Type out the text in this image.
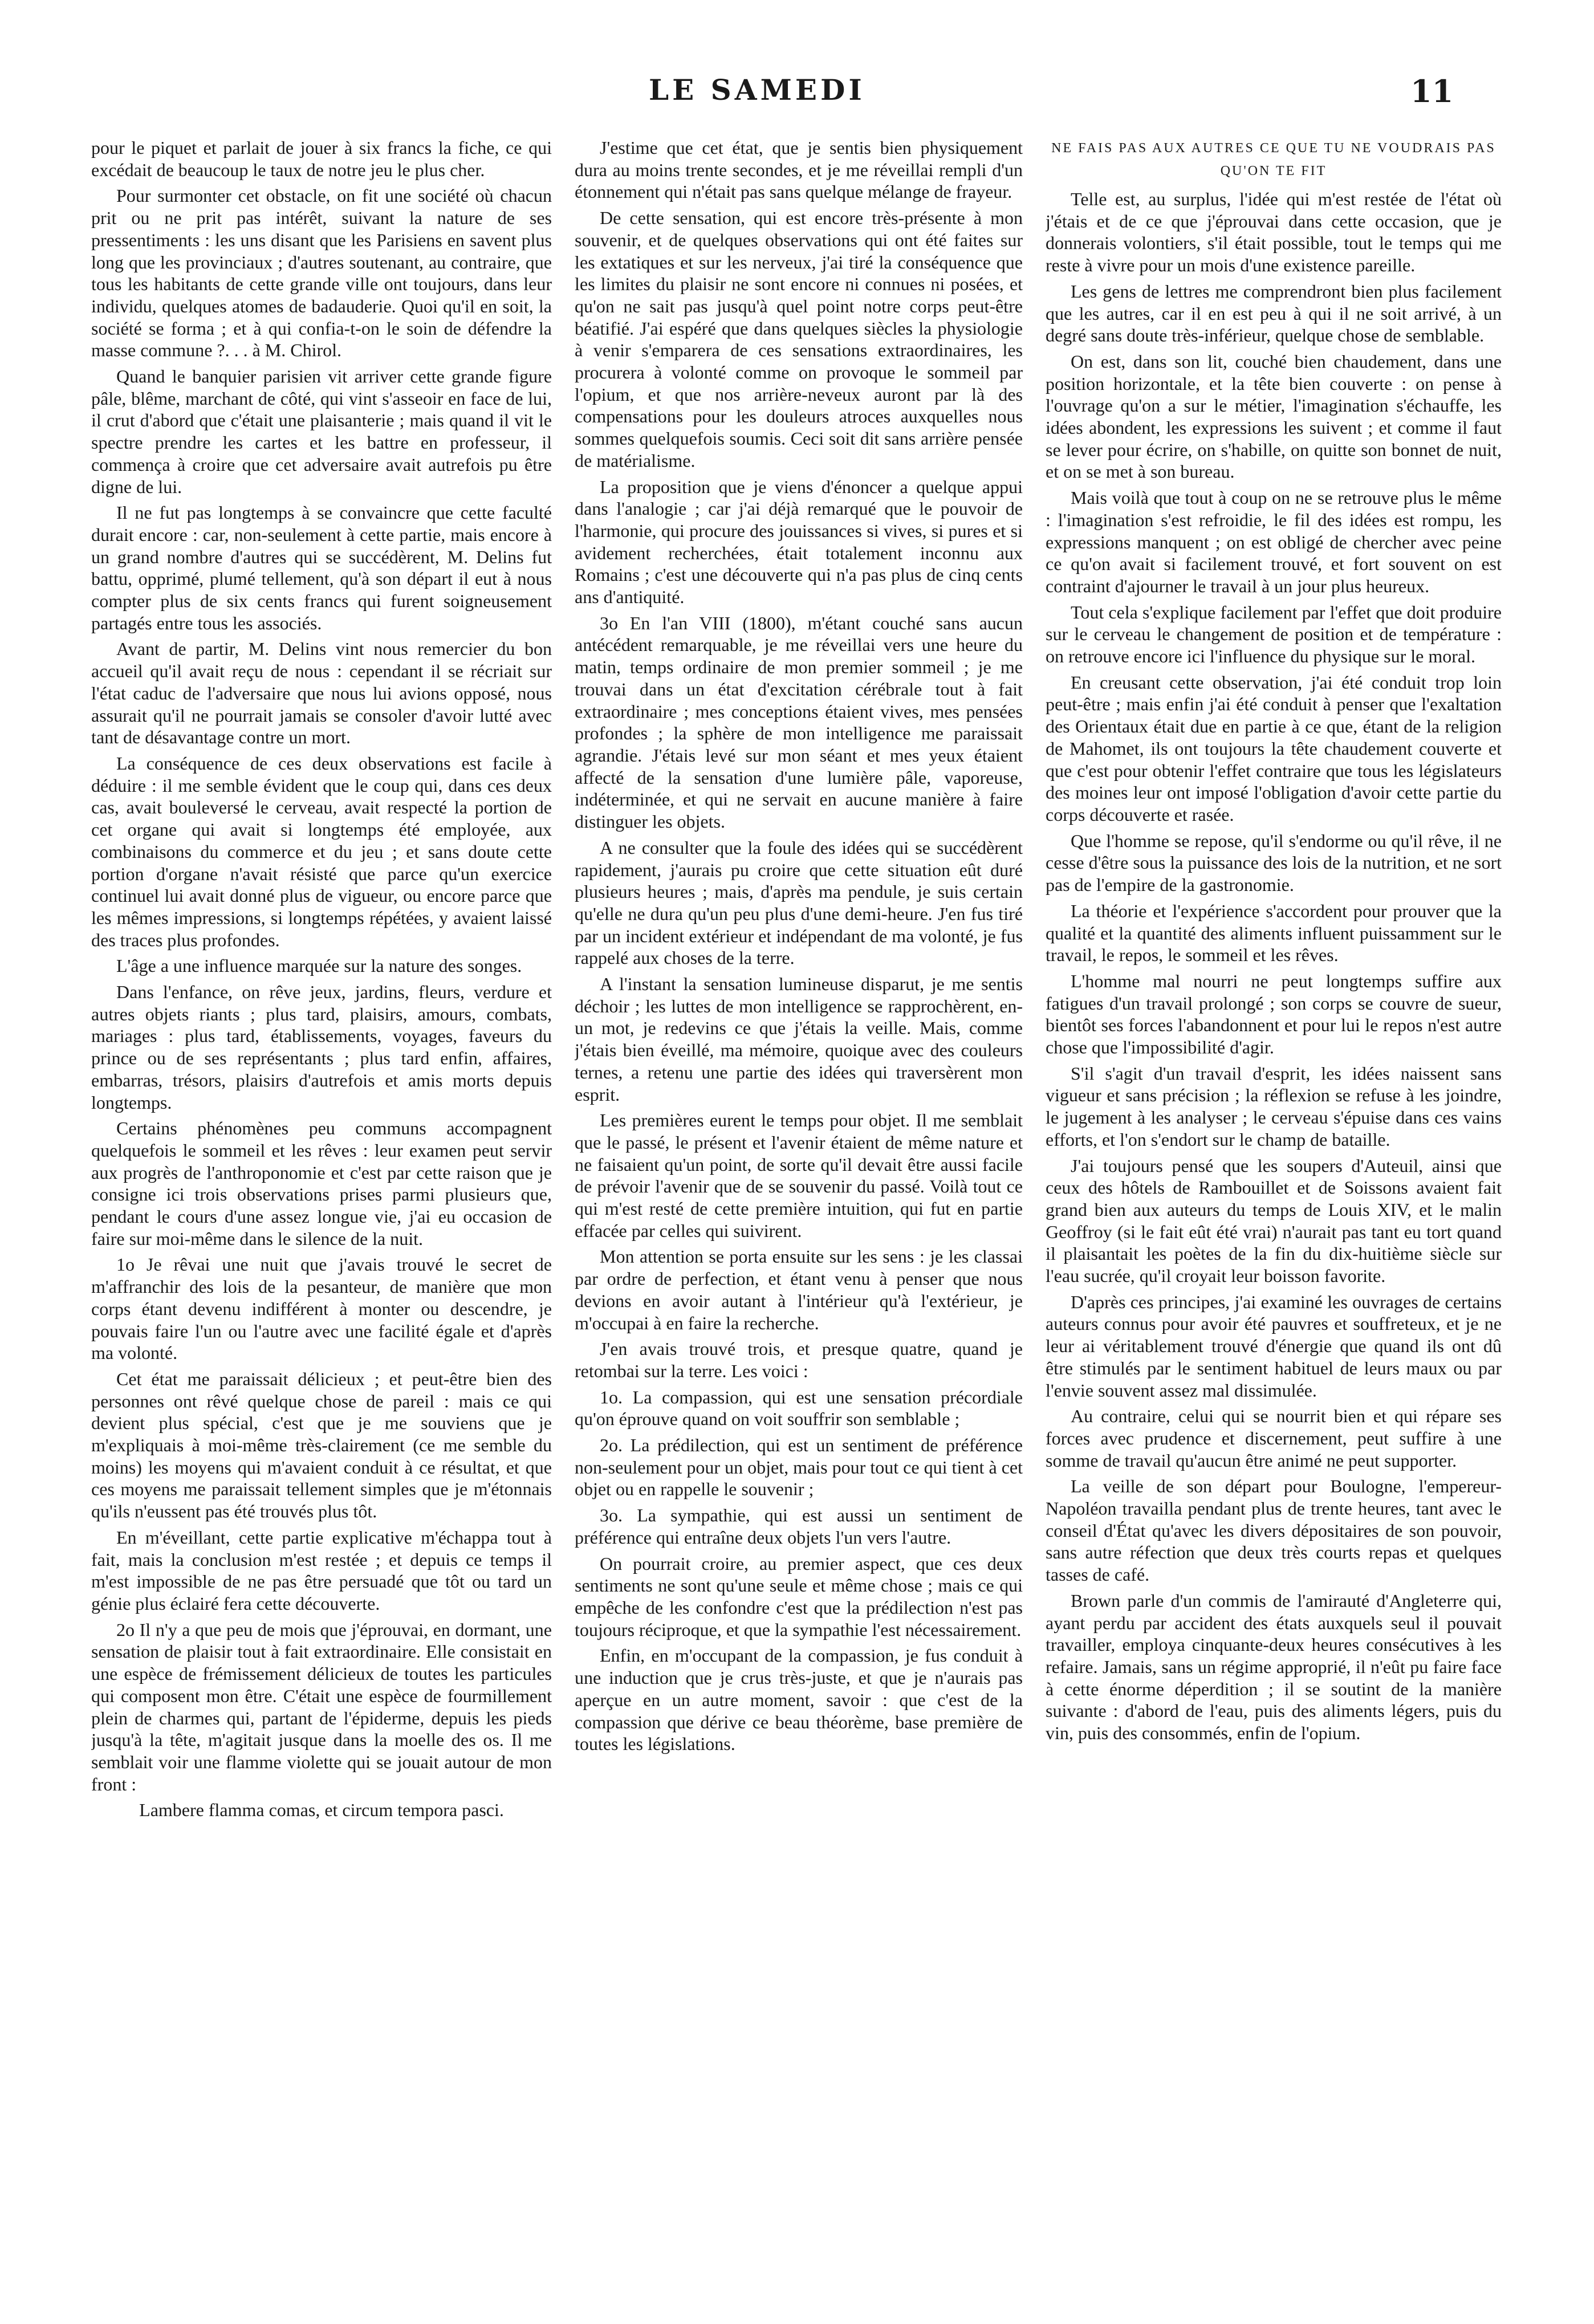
LE SAMEDI	11

pour le piquet et parlait de jouer à six francs la fiche, ce qui excédait de beaucoup le taux de notre jeu le plus cher.

Pour surmonter cet obstacle, on fit une société où chacun prit ou ne prit pas intérêt, suivant la nature de ses pressentiments : les uns disant que les Parisiens en savent plus long que les provinciaux ; d'autres soutenant, au contraire, que tous les habitants de cette grande ville ont toujours, dans leur individu, quelques atomes de badauderie. Quoi qu'il en soit, la société se forma ; et à qui confia-t-on le soin de défendre la masse commune ?. . . à M. Chirol.

Quand le banquier parisien vit arriver cette grande figure pâle, blême, marchant de côté, qui vint s'asseoir en face de lui, il crut d'abord que c'était une plaisanterie ; mais quand il vit le spectre prendre les cartes et les battre en professeur, il commença à croire que cet adversaire avait autrefois pu être digne de lui.

Il ne fut pas longtemps à se convaincre que cette faculté durait encore : car, non-seulement à cette partie, mais encore à un grand nombre d'autres qui se succédèrent, M. Delins fut battu, opprimé, plumé tellement, qu'à son départ il eut à nous compter plus de six cents francs qui furent soigneusement partagés entre tous les associés.

Avant de partir, M. Delins vint nous remercier du bon accueil qu'il avait reçu de nous : cependant il se récriait sur l'état caduc de l'adversaire que nous lui avions opposé, nous assurait qu'il ne pourrait jamais se consoler d'avoir lutté avec tant de désavantage contre un mort.

La conséquence de ces deux observations est facile à déduire : il me semble évident que le coup qui, dans ces deux cas, avait bouleversé le cerveau, avait respecté la portion de cet organe qui avait si longtemps été employée, aux combinaisons du commerce et du jeu ; et sans doute cette portion d'organe n'avait résisté que parce qu'un exercice continuel lui avait donné plus de vigueur, ou encore parce que les mêmes impressions, si longtemps répétées, y avaient laissé des traces plus profondes.

L'âge a une influence marquée sur la nature des songes.

Dans l'enfance, on rêve jeux, jardins, fleurs, verdure et autres objets riants ; plus tard, plaisirs, amours, combats, mariages : plus tard, établissements, voyages, faveurs du prince ou de ses représentants ; plus tard enfin, affaires, embarras, trésors, plaisirs d'autrefois et amis morts depuis longtemps.

Certains phénomènes peu communs accompagnent quelquefois le sommeil et les rêves : leur examen peut servir aux progrès de l'anthroponomie et c'est par cette raison que je consigne ici trois observations prises parmi plusieurs que, pendant le cours d'une assez longue vie, j'ai eu occasion de faire sur moi-même dans le silence de la nuit.

1o Je rêvai une nuit que j'avais trouvé le secret de m'affranchir des lois de la pesanteur, de manière que mon corps étant devenu indifférent à monter ou descendre, je pouvais faire l'un ou l'autre avec une facilité égale et d'après ma volonté.

Cet état me paraissait délicieux ; et peut-être bien des personnes ont rêvé quelque chose de pareil : mais ce qui devient plus spécial, c'est que je me souviens que je m'expliquais à moi-même très-clairement (ce me semble du moins) les moyens qui m'avaient conduit à ce résultat, et que ces moyens me paraissait tellement simples que je m'étonnais qu'ils n'eussent pas été trouvés plus tôt.

En m'éveillant, cette partie explicative m'échappa tout à fait, mais la conclusion m'est restée ; et depuis ce temps il m'est impossible de ne pas être persuadé que tôt ou tard un génie plus éclairé fera cette découverte.

2o Il n'y a que peu de mois que j'éprouvai, en dormant, une sensation de plaisir tout à fait extraordinaire. Elle consistait en une espèce de frémissement délicieux de toutes les particules qui composent mon être. C'était une espèce de fourmillement plein de charmes qui, partant de l'épiderme, depuis les pieds jusqu'à la tête, m'agitait jusque dans la moelle des os. Il me semblait voir une flamme violette qui se jouait autour de mon front :

Lambere flamma comas, et circum tempora pasci.

J'estime que cet état, que je sentis bien physiquement dura au moins trente secondes, et je me réveillai rempli d'un étonnement qui n'était pas sans quelque mélange de frayeur.

De cette sensation, qui est encore très-présente à mon souvenir, et de quelques observations qui ont été faites sur les extatiques et sur les nerveux, j'ai tiré la conséquence que les limites du plaisir ne sont encore ni connues ni posées, et qu'on ne sait pas jusqu'à quel point notre corps peut-être béatifié. J'ai espéré que dans quelques siècles la physiologie à venir s'emparera de ces sensations extraordinaires, les procurera à volonté comme on provoque le sommeil par l'opium, et que nos arrière-neveux auront par là des compensations pour les douleurs atroces auxquelles nous sommes quelquefois soumis. Ceci soit dit sans arrière pensée de matérialisme.

La proposition que je viens d'énoncer a quelque appui dans l'analogie ; car j'ai déjà remarqué que le pouvoir de l'harmonie, qui procure des jouissances si vives, si pures et si avidement recherchées, était totalement inconnu aux Romains ; c'est une découverte qui n'a pas plus de cinq cents ans d'antiquité.

3o En l'an VIII (1800), m'étant couché sans aucun antécédent remarquable, je me réveillai vers une heure du matin, temps ordinaire de mon premier sommeil ; je me trouvai dans un état d'excitation cérébrale tout à fait extraordinaire ; mes conceptions étaient vives, mes pensées profondes ; la sphère de mon intelligence me paraissait agrandie. J'étais levé sur mon séant et mes yeux étaient affecté de la sensation d'une lumière pâle, vaporeuse, indéterminée, et qui ne servait en aucune manière à faire distinguer les objets.

A ne consulter que la foule des idées qui se succédèrent rapidement, j'aurais pu croire que cette situation eût duré plusieurs heures ; mais, d'après ma pendule, je suis certain qu'elle ne dura qu'un peu plus d'une demi-heure. J'en fus tiré par un incident extérieur et indépendant de ma volonté, je fus rappelé aux choses de la terre.

A l'instant la sensation lumineuse disparut, je me sentis déchoir ; les luttes de mon intelligence se rapprochèrent, en-un mot, je redevins ce que j'étais la veille. Mais, comme j'étais bien éveillé, ma mémoire, quoique avec des couleurs ternes, a retenu une partie des idées qui traversèrent mon esprit.

Les premières eurent le temps pour objet. Il me semblait que le passé, le présent et l'avenir étaient de même nature et ne faisaient qu'un point, de sorte qu'il devait être aussi facile de prévoir l'avenir que de se souvenir du passé. Voilà tout ce qui m'est resté de cette première intuition, qui fut en partie effacée par celles qui suivirent.

Mon attention se porta ensuite sur les sens : je les classai par ordre de perfection, et étant venu à penser que nous devions en avoir autant à l'intérieur qu'à l'extérieur, je m'occupai à en faire la recherche.

J'en avais trouvé trois, et presque quatre, quand je retombai sur la terre. Les voici :

1o. La compassion, qui est une sensation précordiale qu'on éprouve quand on voit souffrir son semblable ;

2o. La prédilection, qui est un sentiment de préférence non-seulement pour un objet, mais pour tout ce qui tient à cet objet ou en rappelle le souvenir ;

3o. La sympathie, qui est aussi un sentiment de préférence qui entraîne deux objets l'un vers l'autre.

On pourrait croire, au premier aspect, que ces deux sentiments ne sont qu'une seule et même chose ; mais ce qui empêche de les confondre c'est que la prédilection n'est pas toujours réciproque, et que la sympathie l'est nécessairement.

Enfin, en m'occupant de la compassion, je fus conduit à une induction que je crus très-juste, et que je n'aurais pas aperçue en un autre moment, savoir : que c'est de la compassion que dérive ce beau théorème, base première de toutes les législations.

NE FAIS PAS AUX AUTRES CE QUE TU NE VOUDRAIS PAS QU'ON TE FIT

Telle est, au surplus, l'idée qui m'est restée de l'état où j'étais et de ce que j'éprouvai dans cette occasion, que je donnerais volontiers, s'il était possible, tout le temps qui me reste à vivre pour un mois d'une existence pareille.

Les gens de lettres me comprendront bien plus facilement que les autres, car il en est peu à qui il ne soit arrivé, à un degré sans doute très-inférieur, quelque chose de semblable.

On est, dans son lit, couché bien chaudement, dans une position horizontale, et la tête bien couverte : on pense à l'ouvrage qu'on a sur le métier, l'imagination s'échauffe, les idées abondent, les expressions les suivent ; et comme il faut se lever pour écrire, on s'habille, on quitte son bonnet de nuit, et on se met à son bureau.

Mais voilà que tout à coup on ne se retrouve plus le même : l'imagination s'est refroidie, le fil des idées est rompu, les expressions manquent ; on est obligé de chercher avec peine ce qu'on avait si facilement trouvé, et fort souvent on est contraint d'ajourner le travail à un jour plus heureux.

Tout cela s'explique facilement par l'effet que doit produire sur le cerveau le changement de position et de température : on retrouve encore ici l'influence du physique sur le moral.

En creusant cette observation, j'ai été conduit trop loin peut-être ; mais enfin j'ai été conduit à penser que l'exaltation des Orientaux était due en partie à ce que, étant de la religion de Mahomet, ils ont toujours la tête chaudement couverte et que c'est pour obtenir l'effet contraire que tous les législateurs des moines leur ont imposé l'obligation d'avoir cette partie du corps découverte et rasée.

Que l'homme se repose, qu'il s'endorme ou qu'il rêve, il ne cesse d'être sous la puissance des lois de la nutrition, et ne sort pas de l'empire de la gastronomie.

La théorie et l'expérience s'accordent pour prouver que la qualité et la quantité des aliments influent puissamment sur le travail, le repos, le sommeil et les rêves.

L'homme mal nourri ne peut longtemps suffire aux fatigues d'un travail prolongé ; son corps se couvre de sueur, bientôt ses forces l'abandonnent et pour lui le repos n'est autre chose que l'impossibilité d'agir.

S'il s'agit d'un travail d'esprit, les idées naissent sans vigueur et sans précision ; la réflexion se refuse à les joindre, le jugement à les analyser ; le cerveau s'épuise dans ces vains efforts, et l'on s'endort sur le champ de bataille.

J'ai toujours pensé que les soupers d'Auteuil, ainsi que ceux des hôtels de Rambouillet et de Soissons avaient fait grand bien aux auteurs du temps de Louis XIV, et le malin Geoffroy (si le fait eût été vrai) n'aurait pas tant eu tort quand il plaisantait les poètes de la fin du dix-huitième siècle sur l'eau sucrée, qu'il croyait leur boisson favorite.

D'après ces principes, j'ai examiné les ouvrages de certains auteurs connus pour avoir été pauvres et souffreteux, et je ne leur ai véritablement trouvé d'énergie que quand ils ont dû être stimulés par le sentiment habituel de leurs maux ou par l'envie souvent assez mal dissimulée.

Au contraire, celui qui se nourrit bien et qui répare ses forces avec prudence et discernement, peut suffire à une somme de travail qu'aucun être animé ne peut supporter.

La veille de son départ pour Boulogne, l'empereur-Napoléon travailla pendant plus de trente heures, tant avec le conseil d'État qu'avec les divers dépositaires de son pouvoir, sans autre réfection que deux très courts repas et quelques tasses de café.

Brown parle d'un commis de l'amirauté d'Angleterre qui, ayant perdu par accident des états auxquels seul il pouvait travailler, employa cinquante-deux heures consécutives à les refaire. Jamais, sans un régime approprié, il n'eût pu faire face à cette énorme déperdition ; il se soutint de la manière suivante : d'abord de l'eau, puis des aliments légers, puis du vin, puis des consommés, enfin de l'opium.
